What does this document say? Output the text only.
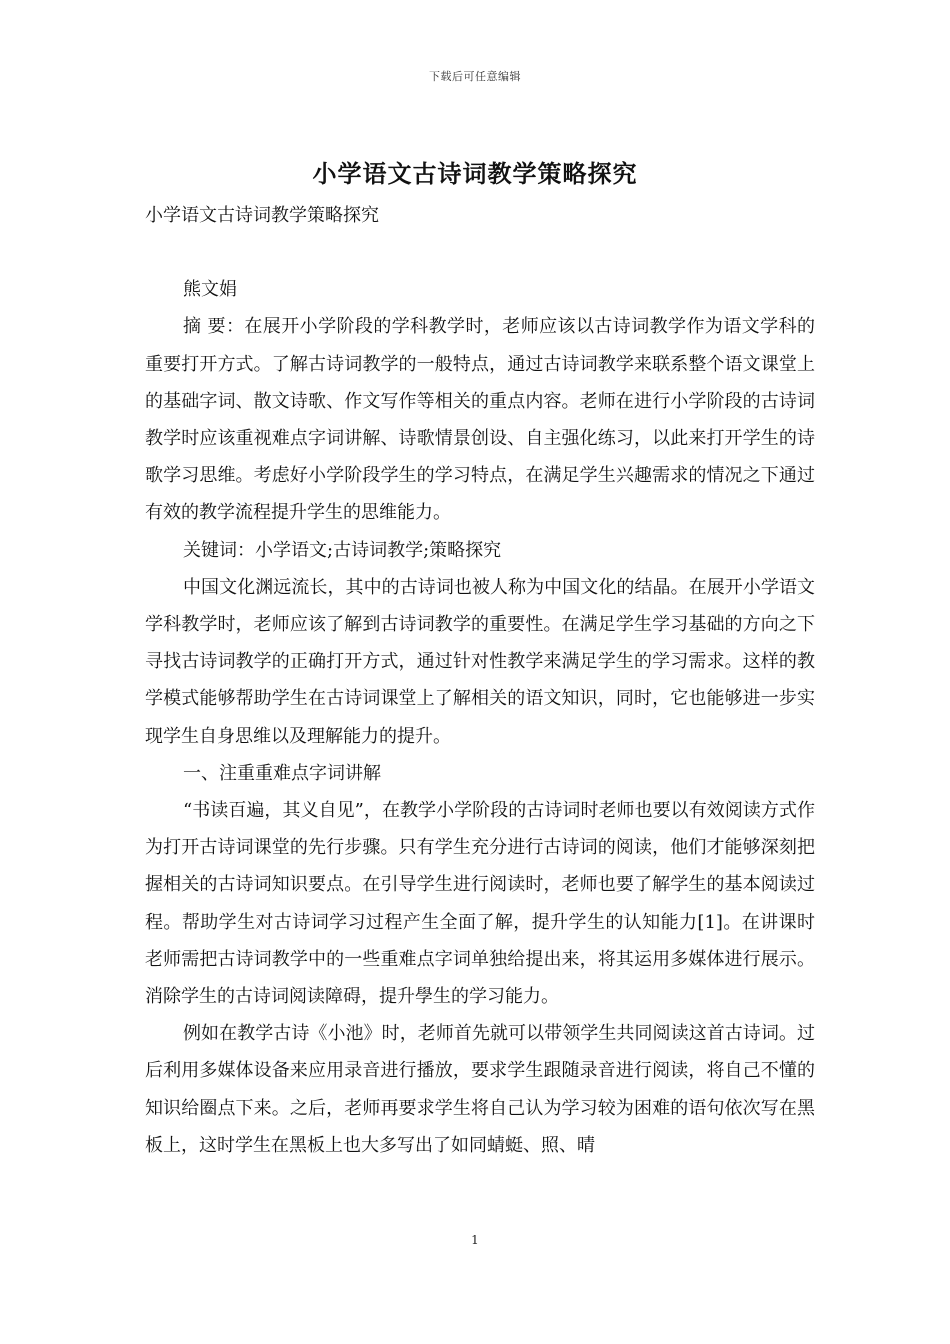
下载后可任意编辑
小学语文古诗词教学策略探究

小学语文古诗词教学策略探究

熊文娟

摘 要：在展开小学阶段的学科教学时，老师应该以古诗词教学作为语文学科的重要打开方式。了解古诗词教学的一般特点，通过古诗词教学来联系整个语文课堂上的基础字词、散文诗歌、作文写作等相关的重点内容。老师在进行小学阶段的古诗词教学时应该重视难点字词讲解、诗歌情景创设、自主强化练习，以此来打开学生的诗歌学习思维。考虑好小学阶段学生的学习特点，在满足学生兴趣需求的情况之下通过有效的教学流程提升学生的思维能力。

关键词：小学语文;古诗词教学;策略探究

中国文化渊远流长，其中的古诗词也被人称为中国文化的结晶。在展开小学语文学科教学时，老师应该了解到古诗词教学的重要性。在满足学生学习基础的方向之下寻找古诗词教学的正确打开方式，通过针对性教学来满足学生的学习需求。这样的教学模式能够帮助学生在古诗词课堂上了解相关的语文知识，同时，它也能够进一步实现学生自身思维以及理解能力的提升。

一、注重重难点字词讲解

“书读百遍，其义自见”，在教学小学阶段的古诗词时老师也要以有效阅读方式作为打开古诗词课堂的先行步骤。只有学生充分进行古诗词的阅读，他们才能够深刻把握相关的古诗词知识要点。在引导学生进行阅读时，老师也要了解学生的基本阅读过程。帮助学生对古诗词学习过程产生全面了解，提升学生的认知能力[1]。在讲课时老师需把古诗词教学中的一些重难点字词单独给提出来，将其运用多媒体进行展示。消除学生的古诗词阅读障碍，提升學生的学习能力。

例如在教学古诗《小池》时，老师首先就可以带领学生共同阅读这首古诗词。过后利用多媒体设备来应用录音进行播放，要求学生跟随录音进行阅读，将自己不懂的知识给圈点下来。之后，老师再要求学生将自己认为学习较为困难的语句依次写在黑板上，这时学生在黑板上也大多写出了如同蜻蜓、照、晴

1
